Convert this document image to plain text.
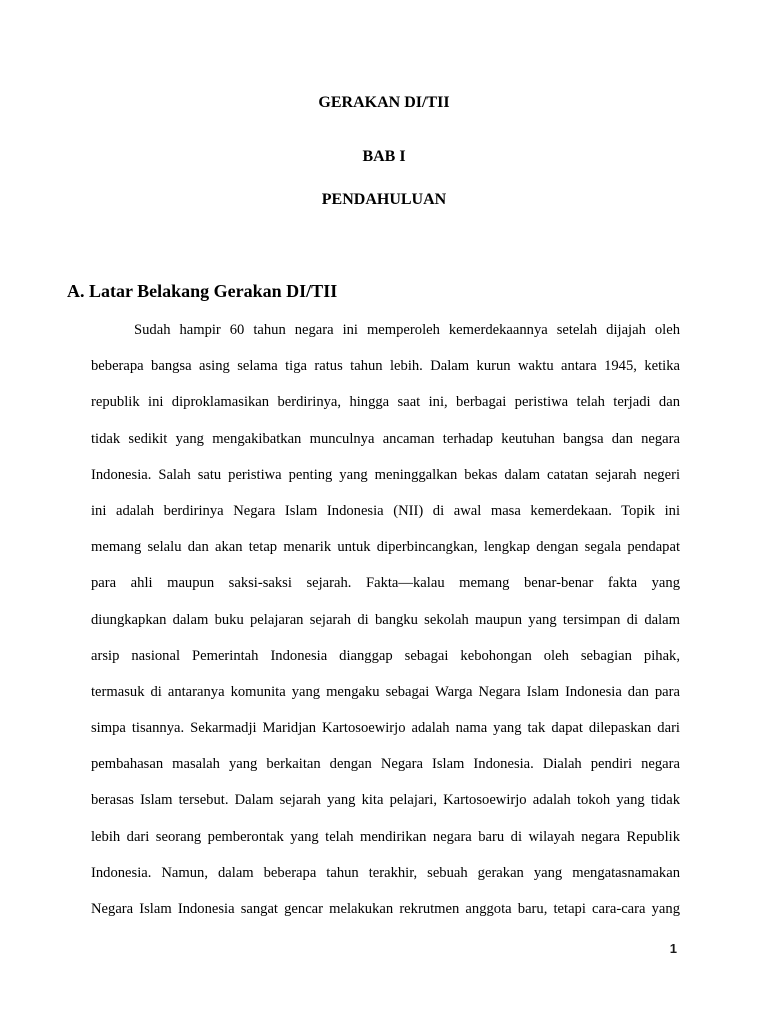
GERAKAN DI/TII
BAB I
PENDAHULUAN
A. Latar Belakang Gerakan DI/TII
Sudah hampir 60 tahun negara ini memperoleh kemerdekaannya setelah dijajah oleh
beberapa bangsa asing selama tiga ratus tahun lebih. Dalam kurun waktu antara 1945, ketika
republik ini diproklamasikan berdirinya, hingga saat ini, berbagai peristiwa telah terjadi dan
tidak sedikit yang mengakibatkan munculnya ancaman terhadap keutuhan bangsa dan negara
Indonesia. Salah satu peristiwa penting yang meninggalkan bekas dalam catatan sejarah negeri
ini adalah berdirinya Negara Islam Indonesia (NII) di awal masa kemerdekaan. Topik ini
memang selalu dan akan tetap menarik untuk diperbincangkan, lengkap dengan segala pendapat
para ahli maupun saksi-saksi sejarah. Fakta—kalau memang benar-benar fakta yang
diungkapkan dalam buku pelajaran sejarah di bangku sekolah maupun yang tersimpan di dalam
arsip nasional Pemerintah Indonesia dianggap sebagai kebohongan oleh sebagian pihak,
termasuk di antaranya komunita yang mengaku sebagai Warga Negara Islam Indonesia dan para
simpa tisannya. Sekarmadji Maridjan Kartosoewirjo adalah nama yang tak dapat dilepaskan dari
pembahasan masalah yang berkaitan dengan Negara Islam Indonesia. Dialah pendiri negara
berasas Islam tersebut. Dalam sejarah yang kita pelajari, Kartosoewirjo adalah tokoh yang tidak
lebih dari seorang pemberontak yang telah mendirikan negara baru di wilayah negara Republik
Indonesia. Namun, dalam beberapa tahun terakhir, sebuah gerakan yang mengatasnamakan
Negara Islam Indonesia sangat gencar melakukan rekrutmen anggota baru, tetapi cara-cara yang
1
